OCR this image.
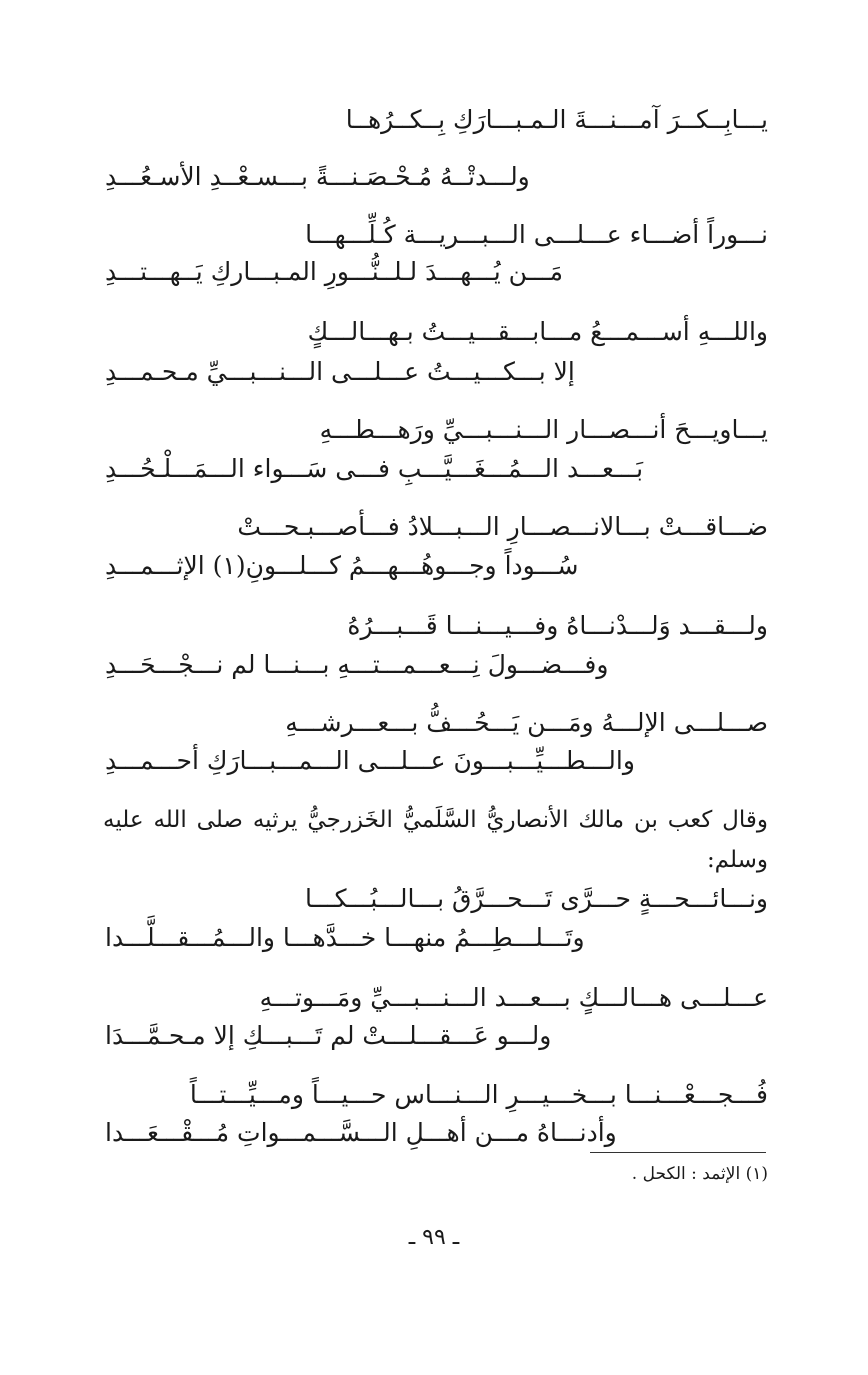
يـــابِــكــرَ آمـــنـــةَ الـمـبـــارَكِ بِــكــرُهــا
ولـــدتْــهُ مُـحْـصَـنـــةً بـــسـعْــدِ الأسـعُـــدِ
نـــوراً أضـــاء عـــلـــى الـــبـــريـــة كُـلِّـــهـــا
مَـــن يُـــهـــدَ لـلــنُّـــورِ المـبـــاركِ يَــهـــتـــدِ
واللـــهِ أســـمـــعُ مـــابـــقـــيـــتُ بـهـــالـــكٍ
إلا بـــكـــيـــتُ عـــلـــى الـــنـــبـــيِّ مـحـمـــدِ
يـــاويـــحَ أنـــصـــار الـــنـــبـــيِّ ورَهـــطـــهِ
بَـــعـــد الـــمُـــغَـــيَّـــبِ فـــى سَـــواء الـــمَـــلْـحُـــدِ
ضـــاقـــتْ بـــالانـــصـــارِ الـــبـــلادُ فـــأصـــبـحـــتْ
سُـــوداً وجـــوهُـــهـــمُ كـــلـــونِ(١) الإثـــمـــدِ
ولـــقـــد وَلـــدْنـــاهُ وفـــيـــنـــا قَـــبـــرُهُ
وفـــضـــولَ نِـــعـــمـــتـــهِ بـــنـــا لم نـــجْـــحَـــدِ
صـــلـــى الإلـــهُ ومَـــن يَـــحُـــفُّ بـــعـــرشـــهِ
والـــطـــيِّـــبـــونَ عـــلـــى الـــمـــبـــارَكِ أحـــمـــدِ
وقال كعب بن مالك الأنصاريُّ السَّلَميُّ الخَزرجيُّ يرثيه صلى الله عليه وسلم:
ونـــائـــحـــةٍ حـــرَّى تَـــحـــرَّقُ بـــالـــبُـــكـــا
وتَـــلـــطِـــمُ منهـــا خـــدَّهـــا والـــمُـــقـــلَّـــدا
عـــلـــى هـــالـــكٍ بـــعـــد الـــنـــبـــيِّ ومَـــوتـــهِ
ولـــو عَـــقـــلـــتْ لم تَـــبـــكِ إلا مـحـمَّـــدَا
فُـــجـــعْـــنـــا بـــخـــيـــرِ الـــنـــاس حـــيـــاً ومـــيِّـــتـــاً
وأدنـــاهُ مـــن أهـــلِ الـــسَّـــمـــواتِ مُـــقْـــعَـــدا
(١) الإثمد : الكحل .
ـ ٩٩ ـ
